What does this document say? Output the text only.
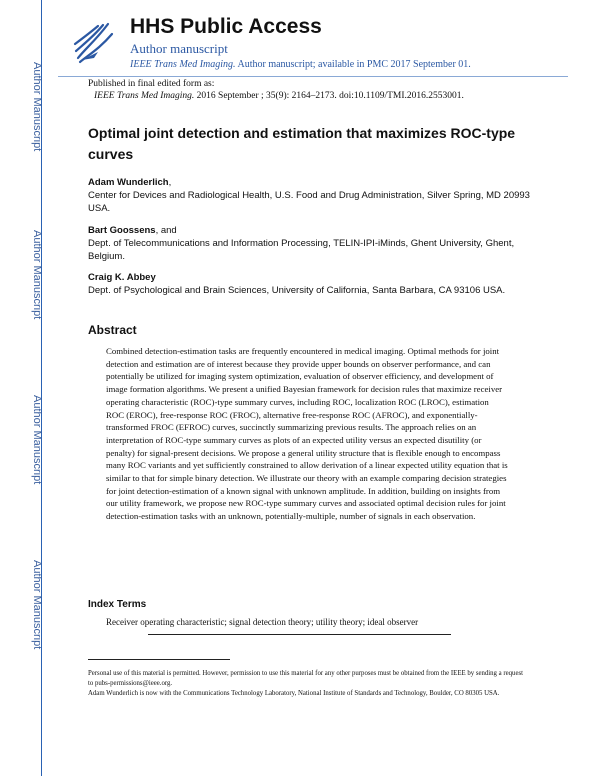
Author Manuscript
Author Manuscript
Author Manuscript
Author Manuscript
HHS Public Access
Author manuscript
IEEE Trans Med Imaging. Author manuscript; available in PMC 2017 September 01.
Published in final edited form as:
IEEE Trans Med Imaging. 2016 September ; 35(9): 2164–2173. doi:10.1109/TMI.2016.2553001.
Optimal joint detection and estimation that maximizes ROC-type curves
Adam Wunderlich,
Center for Devices and Radiological Health, U.S. Food and Drug Administration, Silver Spring, MD 20993 USA.
Bart Goossens, and
Dept. of Telecommunications and Information Processing, TELIN-IPI-iMinds, Ghent University, Ghent, Belgium.
Craig K. Abbey
Dept. of Psychological and Brain Sciences, University of California, Santa Barbara, CA 93106 USA.
Abstract
Combined detection-estimation tasks are frequently encountered in medical imaging. Optimal methods for joint detection and estimation are of interest because they provide upper bounds on observer performance, and can potentially be utilized for imaging system optimization, evaluation of observer efficiency, and development of image formation algorithms. We present a unified Bayesian framework for decision rules that maximize receiver operating characteristic (ROC)-type summary curves, including ROC, localization ROC (LROC), estimation ROC (EROC), free-response ROC (FROC), alternative free-response ROC (AFROC), and exponentially-transformed FROC (EFROC) curves, succinctly summarizing previous results. The approach relies on an interpretation of ROC-type summary curves as plots of an expected utility versus an expected disutility (or penalty) for signal-present decisions. We propose a general utility structure that is flexible enough to encompass many ROC variants and yet sufficiently constrained to allow derivation of a linear expected utility equation that is similar to that for simple binary detection. We illustrate our theory with an example comparing decision strategies for joint detection-estimation of a known signal with unknown amplitude. In addition, building on insights from our utility framework, we propose new ROC-type summary curves and associated optimal decision rules for joint detection-estimation tasks with an unknown, potentially-multiple, number of signals in each observation.
Index Terms
Receiver operating characteristic; signal detection theory; utility theory; ideal observer
Personal use of this material is permitted. However, permission to use this material for any other purposes must be obtained from the IEEE by sending a request to pubs-permissions@ieee.org.
Adam Wunderlich is now with the Communications Technology Laboratory, National Institute of Standards and Technology, Boulder, CO 80305 USA.
